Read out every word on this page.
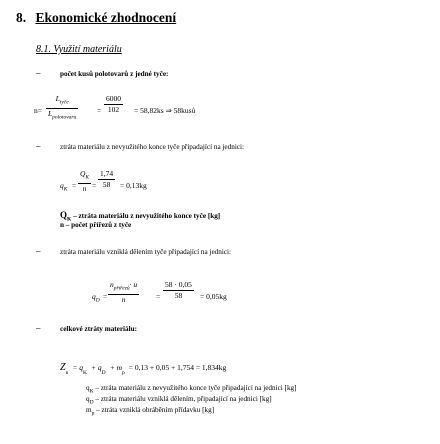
8. Ekonomické zhodnocení
8.1. Využití materiálu
–	počet kusů polotovarů z jedné tyče:
n=
$L_{tyče}$
$L_{polotovaru}$
=
6000
102 = 58,82ks ⇒ 58kusů
–	ztráta materiálu z nevyužitého konce tyče připadající na jednici:
$q_K$ =
$Q_K$
n =
1,74
58 = 0,13kg
$Q_K$ – ztráta materiálu z nevyužitého konce tyče [kg]
n – počet přířezů z tyče
–	ztráta materiálu vzniklá dělením tyče připadající na jednici:
$q_D$ =
$n_{přířezů}\cdot u$
n	=
58 · 0,05
58 = 0,05kg
–	celkové ztráty materiálu:
$Z_n = q_K + q_D + m_p = 0,13 + 0,05 + 1,754 = 1,834kg$
$q_K$ – ztráta materiálu z nevyužitého konce tyče připadající na jednici [kg]
$q_D$ – ztráta materiálu vzniklá dělením, připadající na jednici [kg]
$m_p$ – ztráta vzniklá obráběním přídavku [kg]
